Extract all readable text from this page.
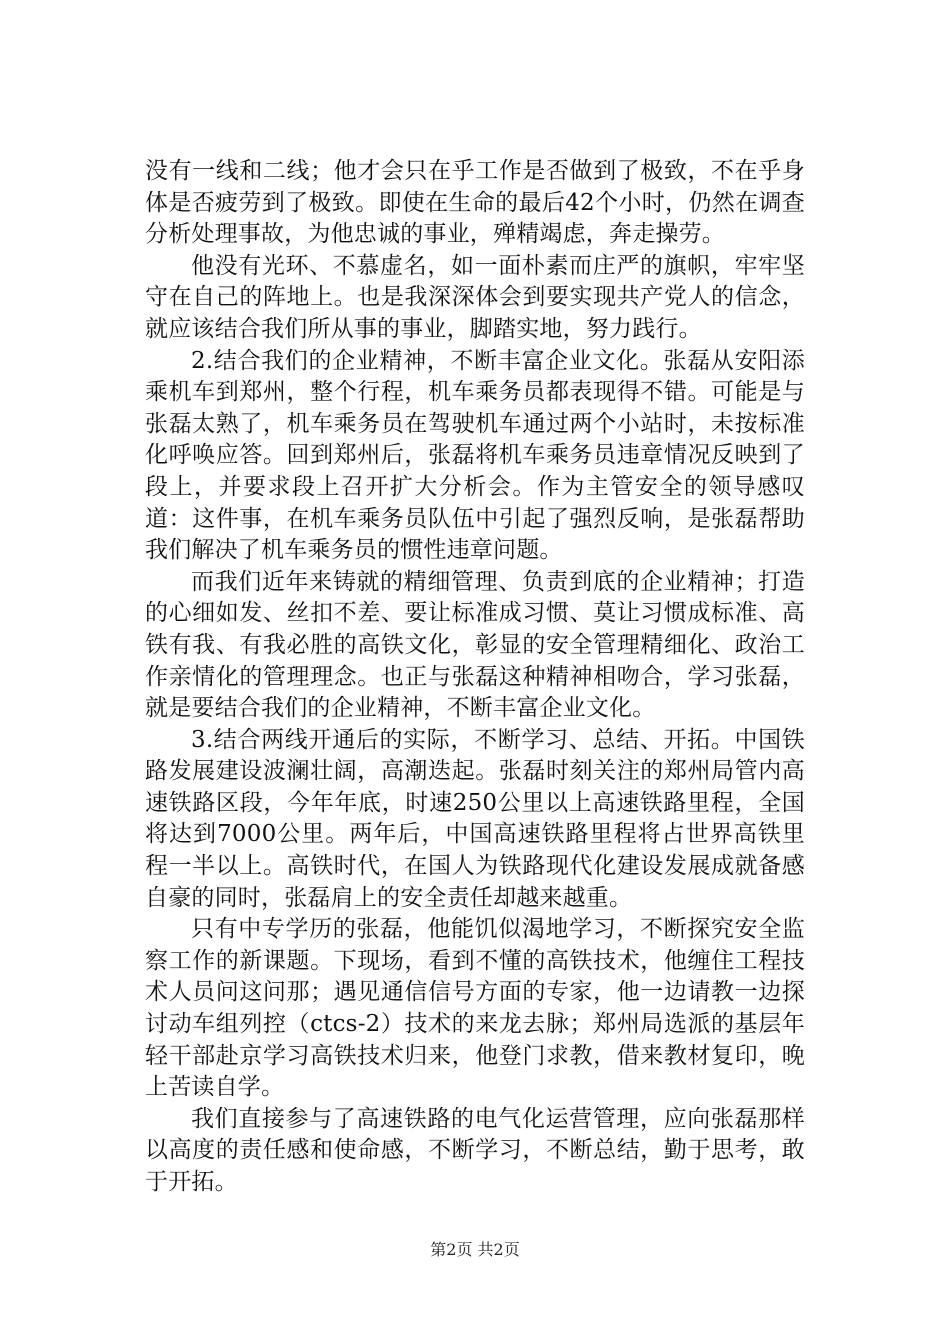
没有一线和二线；他才会只在乎工作是否做到了极致，不在乎身体是否疲劳到了极致。即使在生命的最后42个小时，仍然在调查分析处理事故，为他忠诚的事业，殚精竭虑，奔走操劳。

他没有光环、不慕虚名，如一面朴素而庄严的旗帜，牢牢坚守在自己的阵地上。也是我深深体会到要实现共产党人的信念，就应该结合我们所从事的事业，脚踏实地，努力践行。

2.结合我们的企业精神，不断丰富企业文化。张磊从安阳添乘机车到郑州，整个行程，机车乘务员都表现得不错。可能是与张磊太熟了，机车乘务员在驾驶机车通过两个小站时，未按标准化呼唤应答。回到郑州后，张磊将机车乘务员违章情况反映到了段上，并要求段上召开扩大分析会。作为主管安全的领导感叹道：这件事，在机车乘务员队伍中引起了强烈反响，是张磊帮助我们解决了机车乘务员的惯性违章问题。

而我们近年来铸就的精细管理、负责到底的企业精神；打造的心细如发、丝扣不差、要让标准成习惯、莫让习惯成标准、高铁有我、有我必胜的高铁文化，彰显的安全管理精细化、政治工作亲情化的管理理念。也正与张磊这种精神相吻合，学习张磊，就是要结合我们的企业精神，不断丰富企业文化。

3.结合两线开通后的实际，不断学习、总结、开拓。中国铁路发展建设波澜壮阔，高潮迭起。张磊时刻关注的郑州局管内高速铁路区段，今年年底，时速250公里以上高速铁路里程，全国将达到7000公里。两年后，中国高速铁路里程将占世界高铁里程一半以上。高铁时代，在国人为铁路现代化建设发展成就备感自豪的同时，张磊肩上的安全责任却越来越重。

只有中专学历的张磊，他能饥似渴地学习，不断探究安全监察工作的新课题。下现场，看到不懂的高铁技术，他缠住工程技术人员问这问那；遇见通信信号方面的专家，他一边请教一边探讨动车组列控（ctcs-2）技术的来龙去脉；郑州局选派的基层年轻干部赴京学习高铁技术归来，他登门求教，借来教材复印，晚上苦读自学。

我们直接参与了高速铁路的电气化运营管理，应向张磊那样以高度的责任感和使命感，不断学习，不断总结，勤于思考，敢于开拓。

第2页 共2页
